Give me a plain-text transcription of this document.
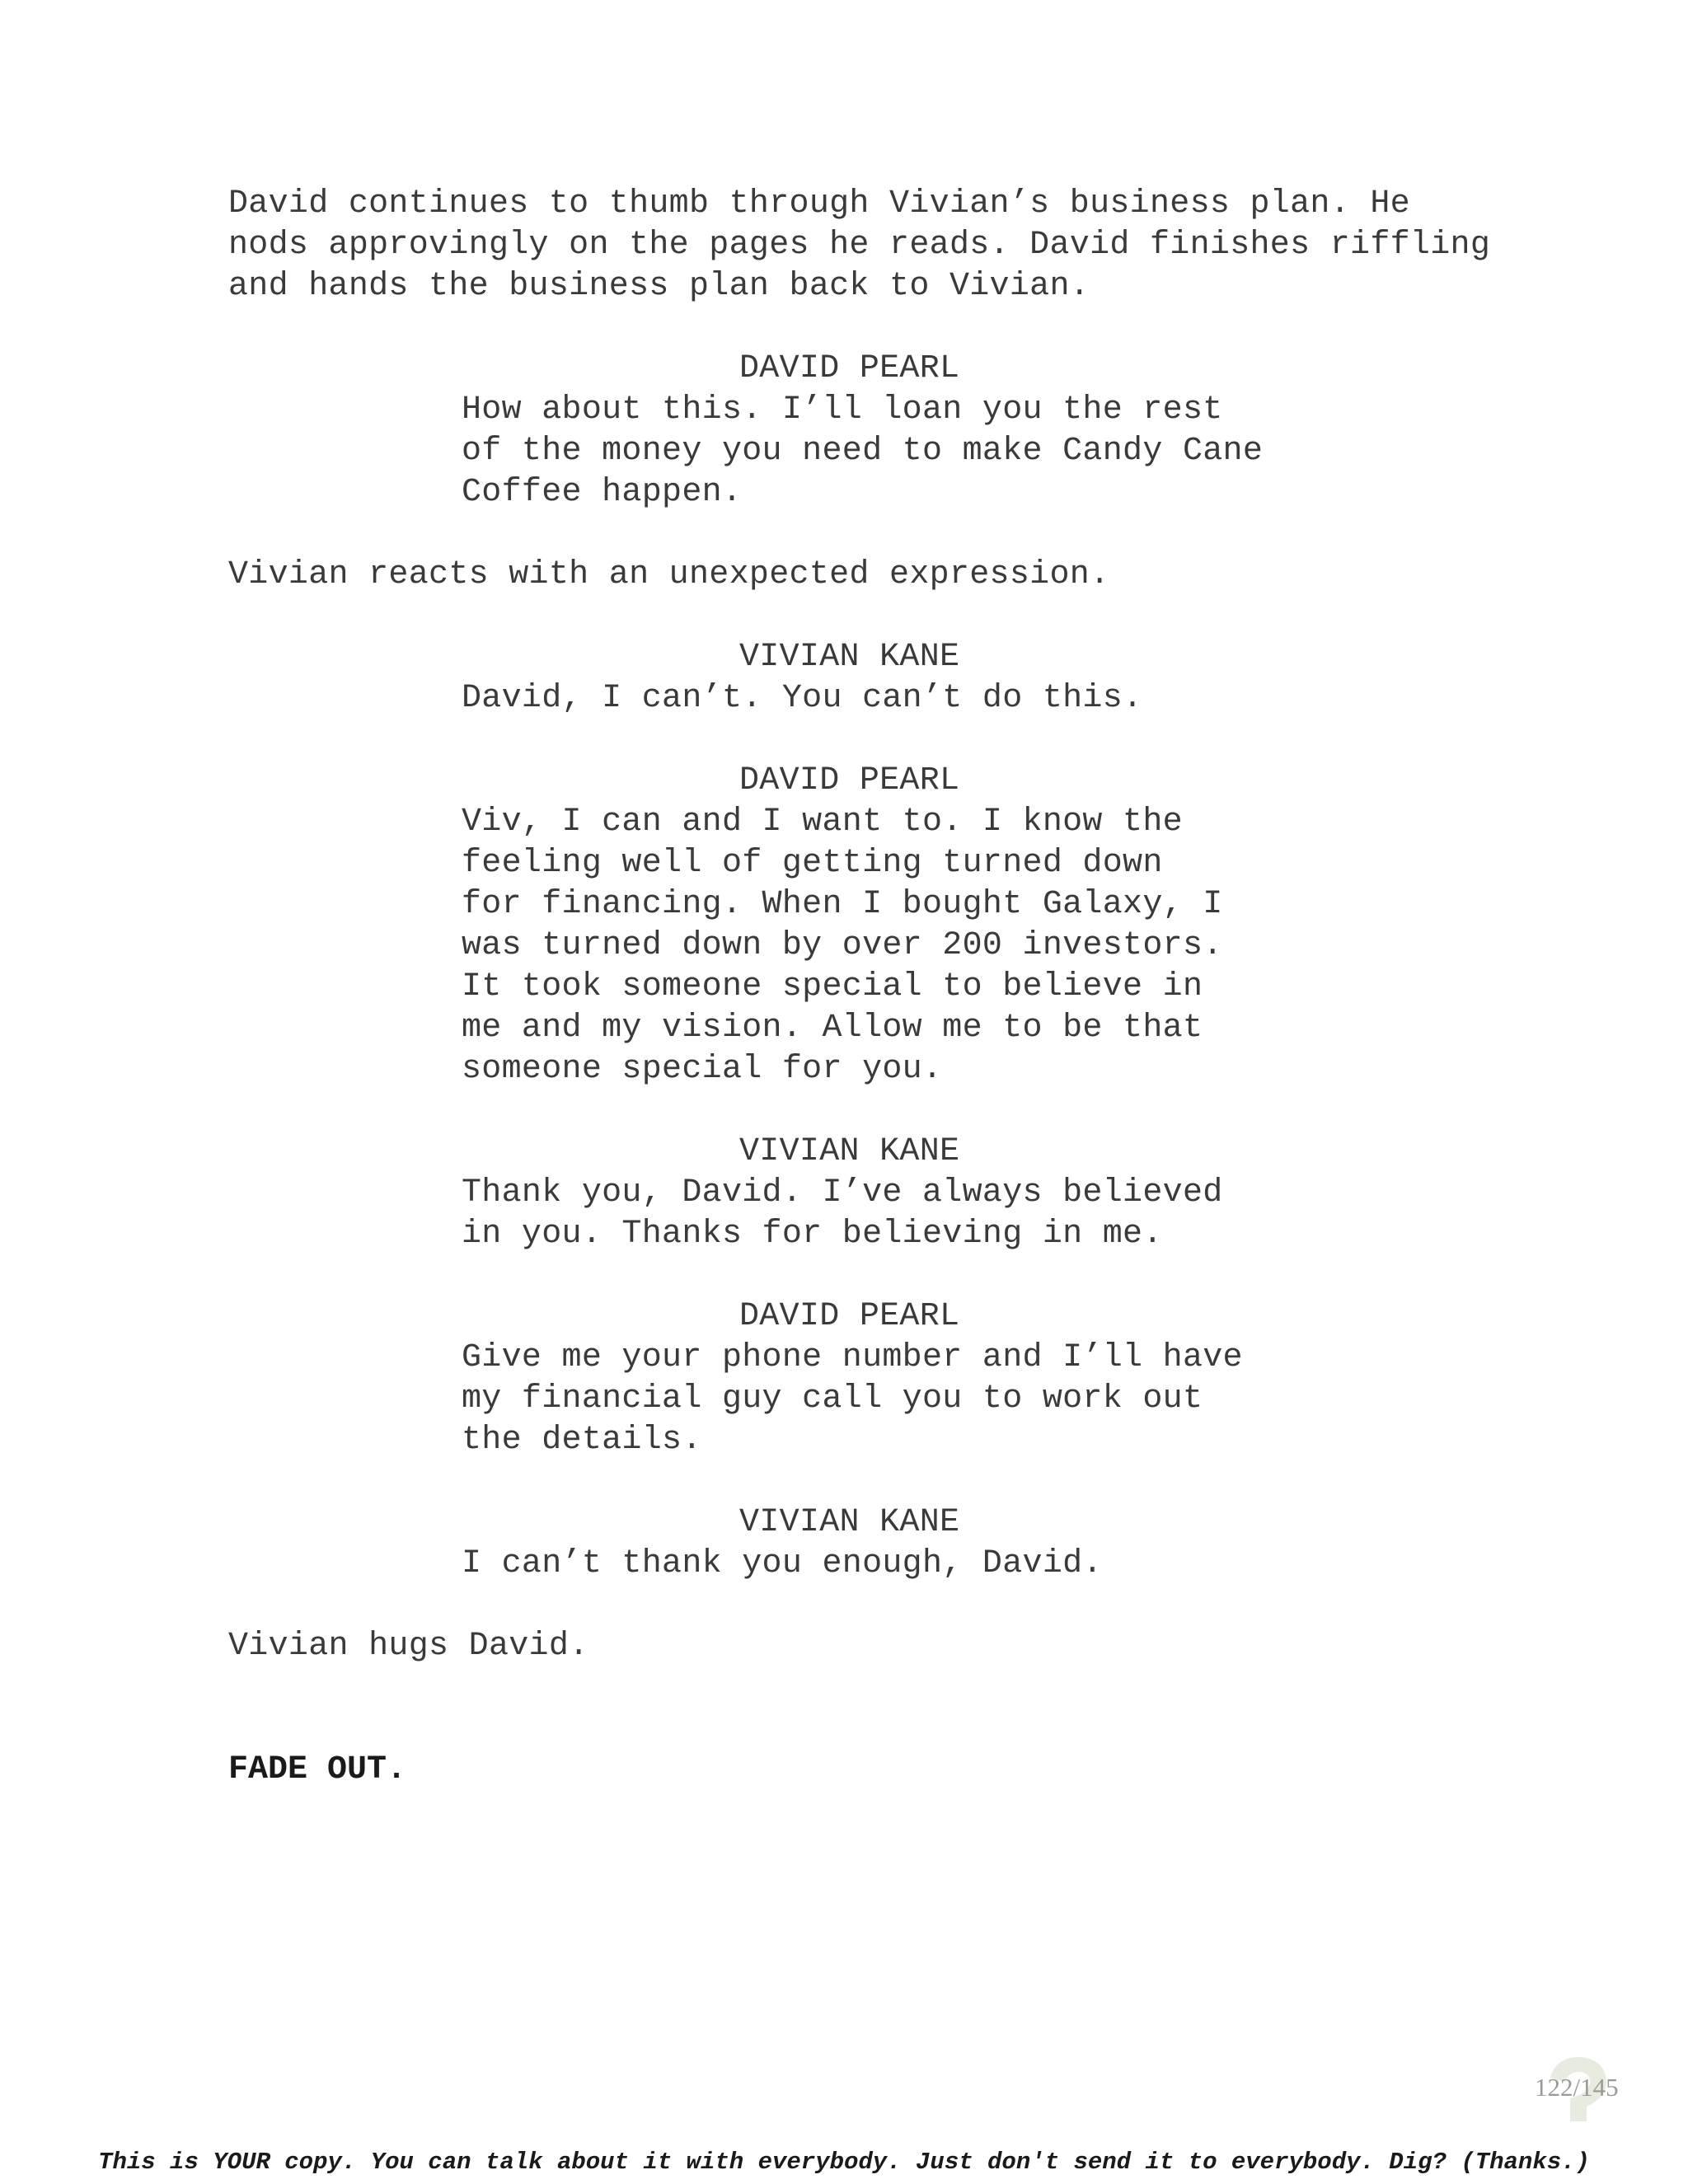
David continues to thumb through Vivian’s business plan. He
nods approvingly on the pages he reads. David finishes riffling
and hands the business plan back to Vivian.
DAVID PEARL
How about this. I’ll loan you the rest
of the money you need to make Candy Cane
Coffee happen.
Vivian reacts with an unexpected expression.
VIVIAN KANE
David, I can’t. You can’t do this.
DAVID PEARL
Viv, I can and I want to. I know the
feeling well of getting turned down
for financing. When I bought Galaxy, I
was turned down by over 200 investors.
It took someone special to believe in
me and my vision. Allow me to be that
someone special for you.
VIVIAN KANE
Thank you, David. I’ve always believed
in you. Thanks for believing in me.
DAVID PEARL
Give me your phone number and I’ll have
my financial guy call you to work out
the details.
VIVIAN KANE
I can’t thank you enough, David.
Vivian hugs David.
FADE OUT.
122/145
This is YOUR copy. You can talk about it with everybody. Just don't send it to everybody. Dig? (Thanks.)
